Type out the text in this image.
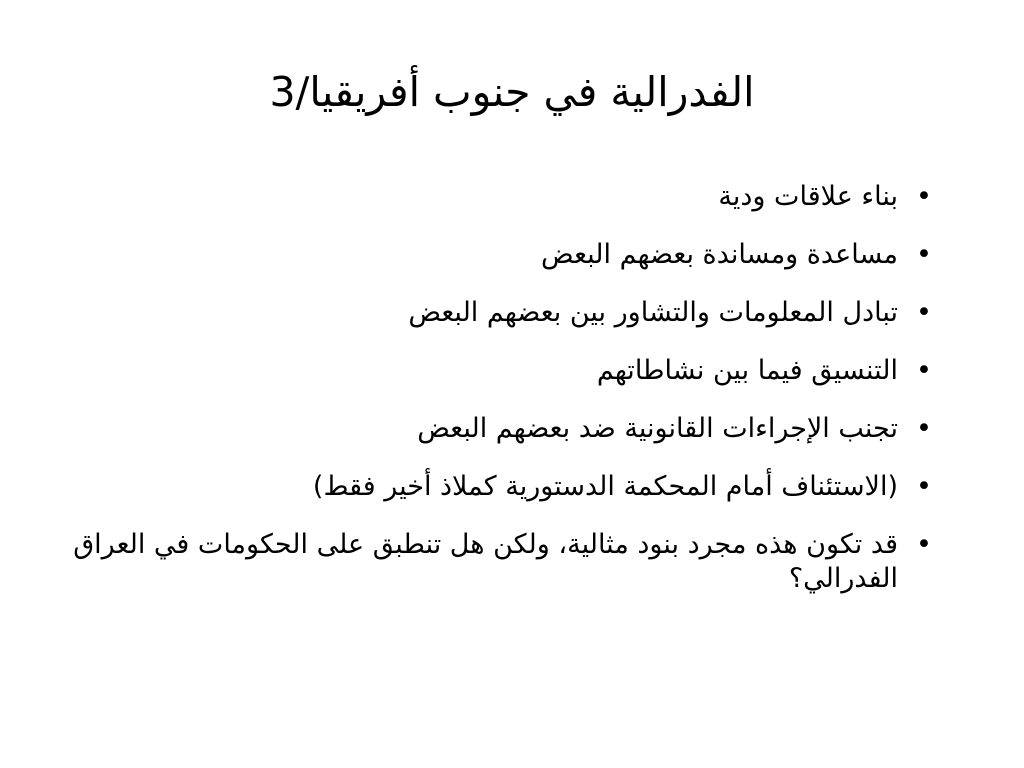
الفدرالية في جنوب أفريقيا/3
•
بناء علاقات ودية
•
مساعدة ومساندة بعضهم البعض
•
تبادل المعلومات والتشاور بين بعضهم البعض
•
التنسيق فيما بين نشاطاتهم
•
تجنب الإجراءات القانونية ضد بعضهم البعض
•
(الاستئناف أمام المحكمة الدستورية كملاذ أخير فقط)
•
قد تكون هذه مجرد بنود مثالية، ولكن هل تنطبق على الحكومات في العراق الفدرالي؟
